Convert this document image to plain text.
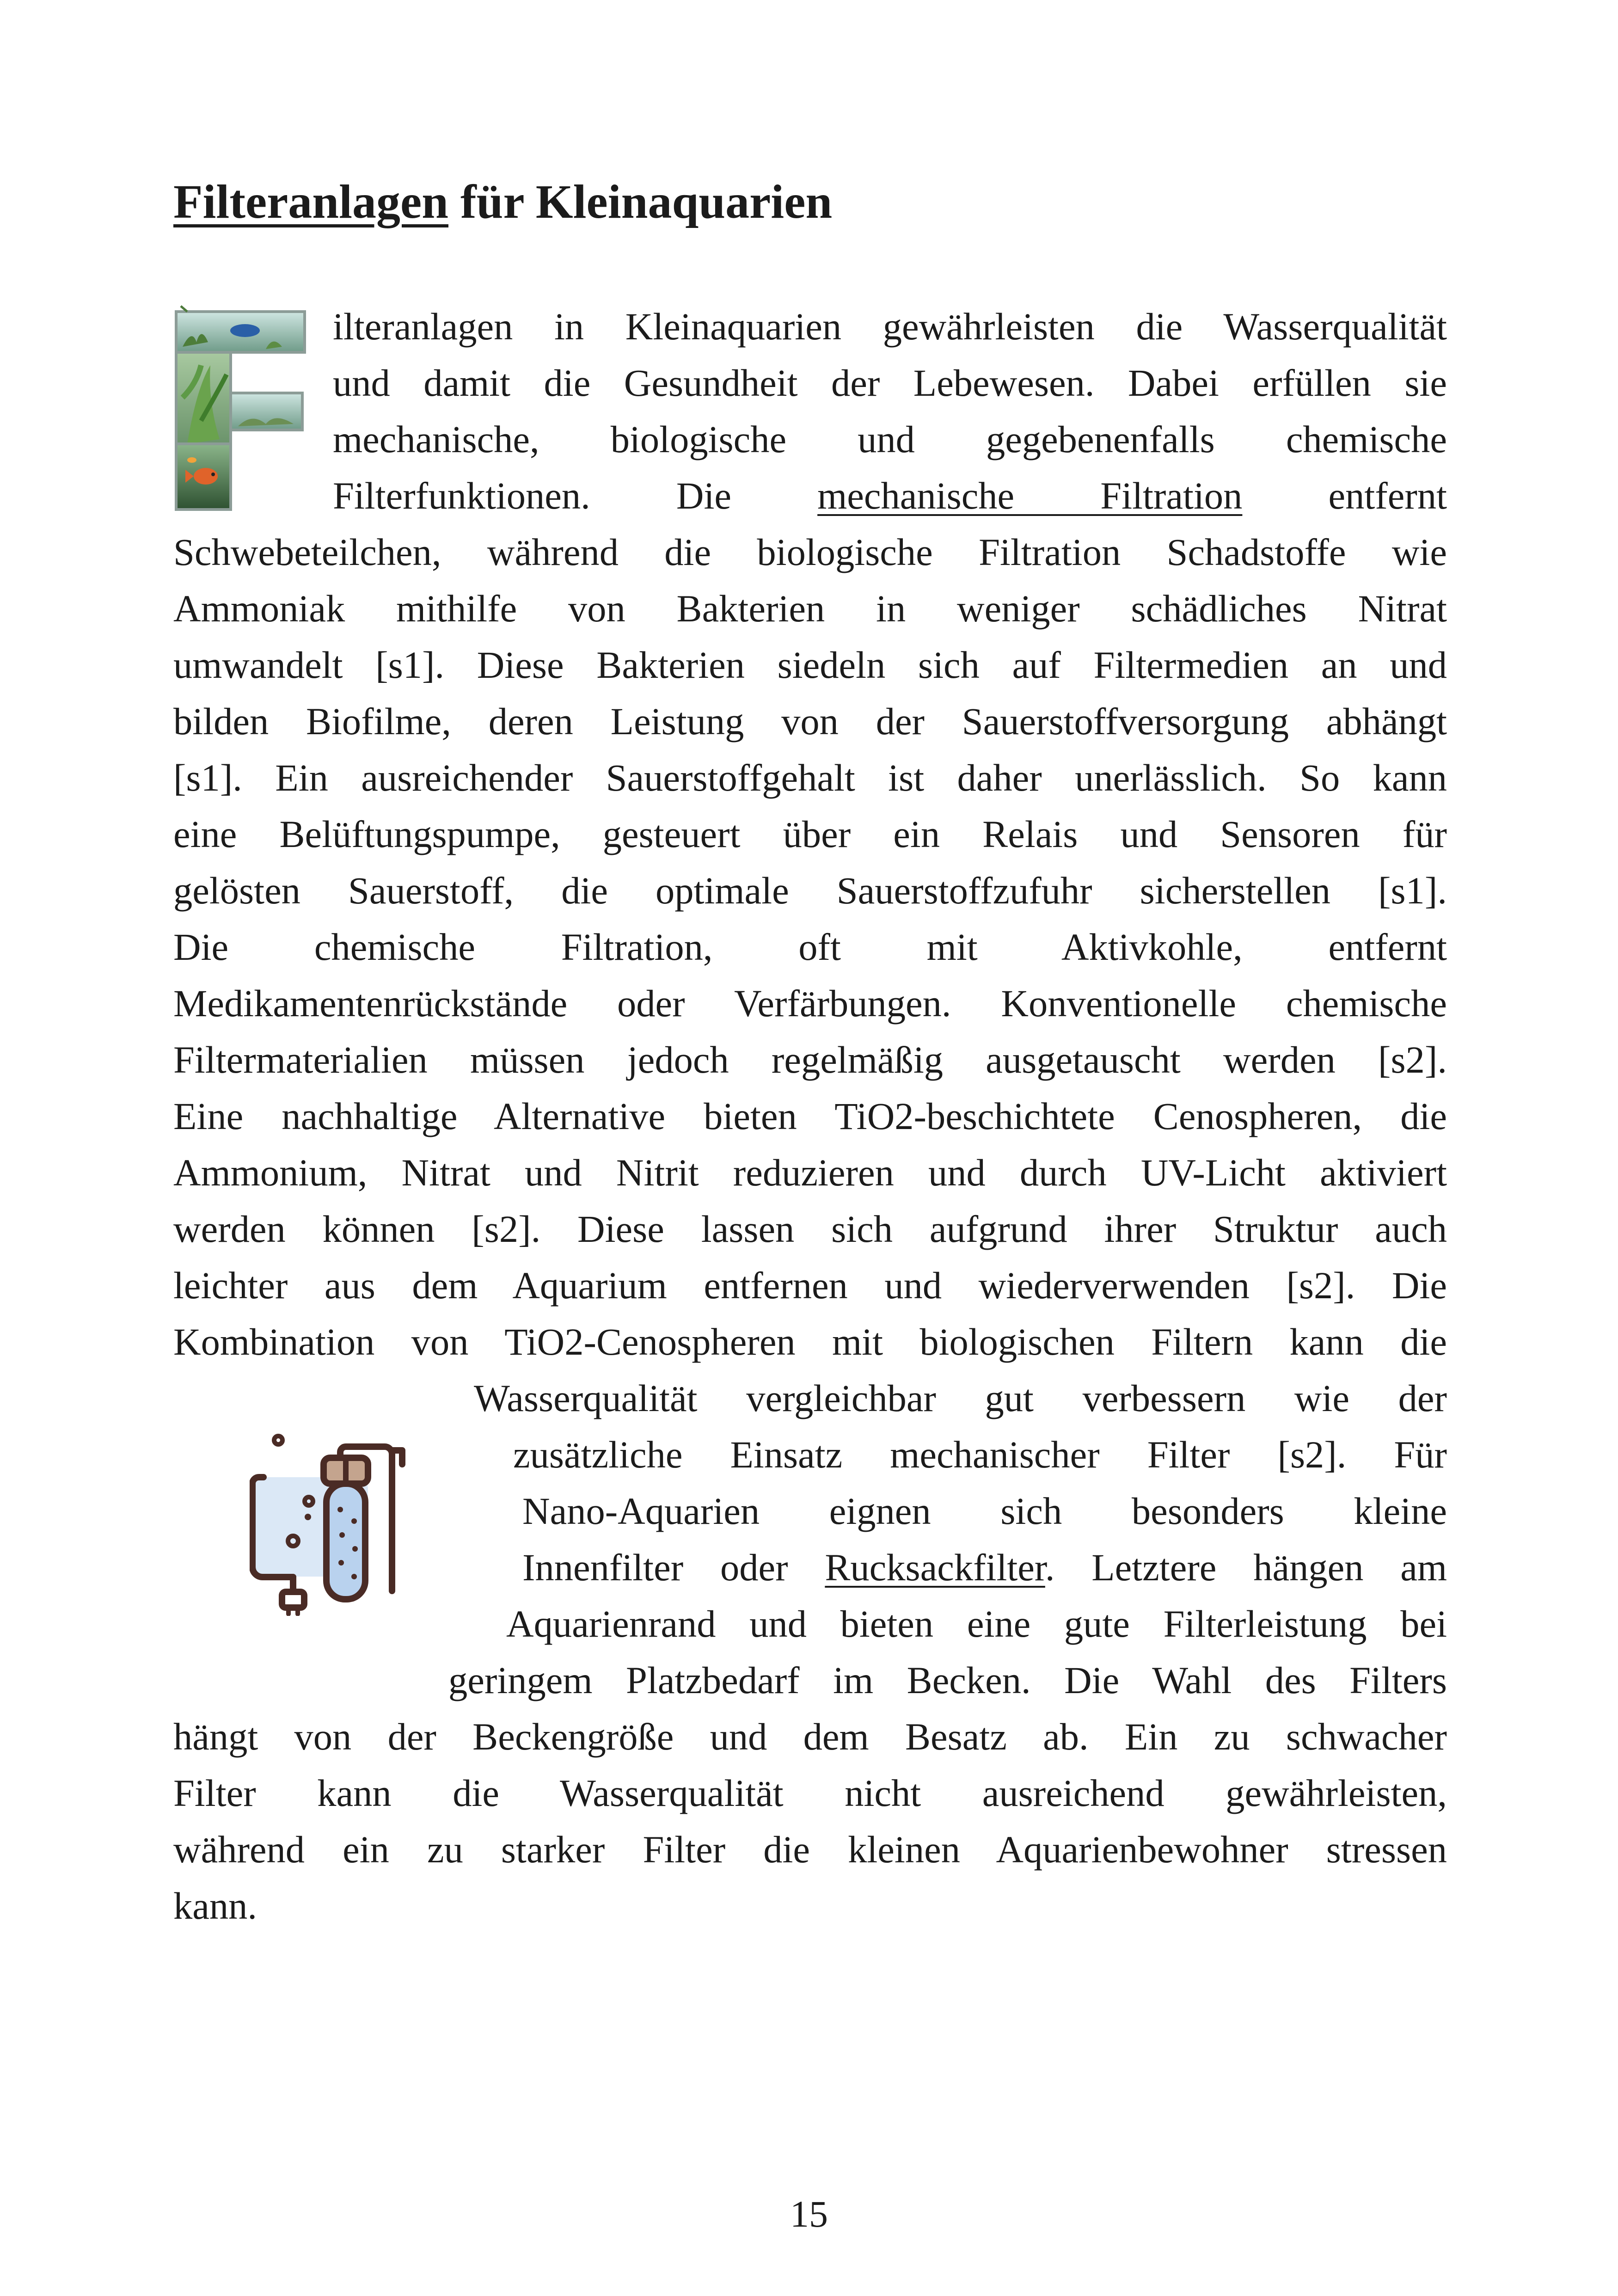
Filteranlagen für Kleinaquarien
ilteranlagen in Kleinaquarien gewährleisten die Wasserqualität
und damit die Gesundheit der Lebewesen. Dabei erfüllen sie
mechanische, biologische und gegebenenfalls chemische
Filterfunktionen. Die mechanische Filtration entfernt
Schwebeteilchen, während die biologische Filtration Schadstoffe wie
Ammoniak mithilfe von Bakterien in weniger schädliches Nitrat
umwandelt [s1]. Diese Bakterien siedeln sich auf Filtermedien an und
bilden Biofilme, deren Leistung von der Sauerstoffversorgung abhängt
[s1]. Ein ausreichender Sauerstoffgehalt ist daher unerlässlich. So kann
eine Belüftungspumpe, gesteuert über ein Relais und Sensoren für
gelösten Sauerstoff, die optimale Sauerstoffzufuhr sicherstellen [s1].
Die chemische Filtration, oft mit Aktivkohle, entfernt
Medikamentenrückstände oder Verfärbungen. Konventionelle chemische
Filtermaterialien müssen jedoch regelmäßig ausgetauscht werden [s2].
Eine nachhaltige Alternative bieten TiO2-beschichtete Cenospheren, die
Ammonium, Nitrat und Nitrit reduzieren und durch UV-Licht aktiviert
werden können [s2]. Diese lassen sich aufgrund ihrer Struktur auch
leichter aus dem Aquarium entfernen und wiederverwenden [s2]. Die
Kombination von TiO2-Cenospheren mit biologischen Filtern kann die
Wasserqualität vergleichbar gut verbessern wie der
zusätzliche Einsatz mechanischer Filter [s2]. Für
Nano-Aquarien eignen sich besonders kleine
Innenfilter oder Rucksackfilter. Letztere hängen am
Aquarienrand und bieten eine gute Filterleistung bei
geringem Platzbedarf im Becken. Die Wahl des Filters
hängt von der Beckengröße und dem Besatz ab. Ein zu schwacher
Filter kann die Wasserqualität nicht ausreichend gewährleisten,
während ein zu starker Filter die kleinen Aquarienbewohner stressen
kann.
15
